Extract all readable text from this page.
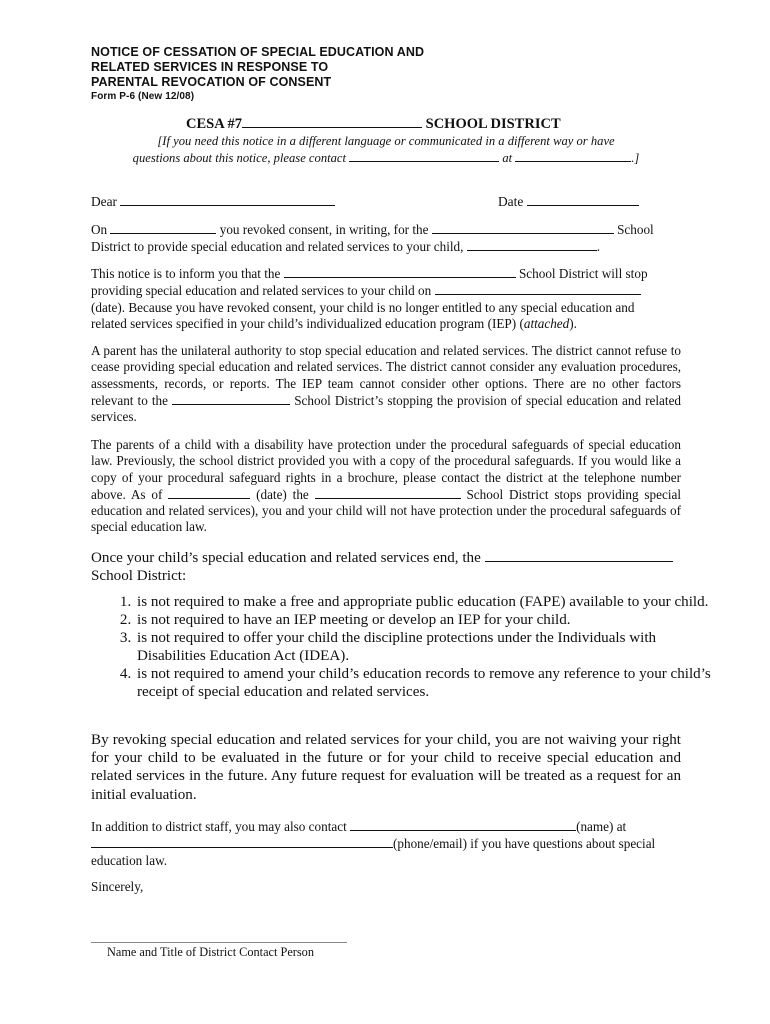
NOTICE OF CESSATION OF SPECIAL EDUCATION AND
RELATED SERVICES IN RESPONSE TO
PARENTAL REVOCATION OF CONSENT
Form P-6 (New 12/08)
CESA #7	SCHOOL DISTRICT
[If you need this notice in a different language or communicated in a different way or have
questions about this notice, please contact	at	.]
Dear	Date
On	you revoked consent, in writing, for the	School
District to provide special education and related services to your child,	.
This notice is to inform you that the	School District will stop
providing special education and related services to your child on
(date). Because you have revoked consent, your child is no longer entitled to any special education and
related services specified in your child’s individualized education program (IEP) (attached).
A parent has the unilateral authority to stop special education and related services. The district cannot refuse to cease providing special education and related services. The district cannot consider any evaluation procedures, assessments, records, or reports. The IEP team cannot consider other options. There are no other factors relevant to the	School District’s stopping the provision of special education and related services.
The parents of a child with a disability have protection under the procedural safeguards of special education law. Previously, the school district provided you with a copy of the procedural safeguards. If you would like a copy of your procedural safeguard rights in a brochure, please contact the district at the telephone number above. As of	(date) the	School District stops providing special education and related services), you and your child will not have protection under the procedural safeguards of special education law.
Once your child’s special education and related services end, the
School District:
1. is not required to make a free and appropriate public education (FAPE) available to your child.
2. is not required to have an IEP meeting or develop an IEP for your child.
3. is not required to offer your child the discipline protections under the Individuals with Disabilities Education Act (IDEA).
4. is not required to amend your child’s education records to remove any reference to your child’s receipt of special education and related services.
By revoking special education and related services for your child, you are not waiving your right for your child to be evaluated in the future or for your child to receive special education and related services in the future. Any future request for evaluation will be treated as a request for an initial evaluation.
In addition to district staff, you may also contact	(name) at
(phone/email) if you have questions about special
education law.
Sincerely,
Name and Title of District Contact Person
